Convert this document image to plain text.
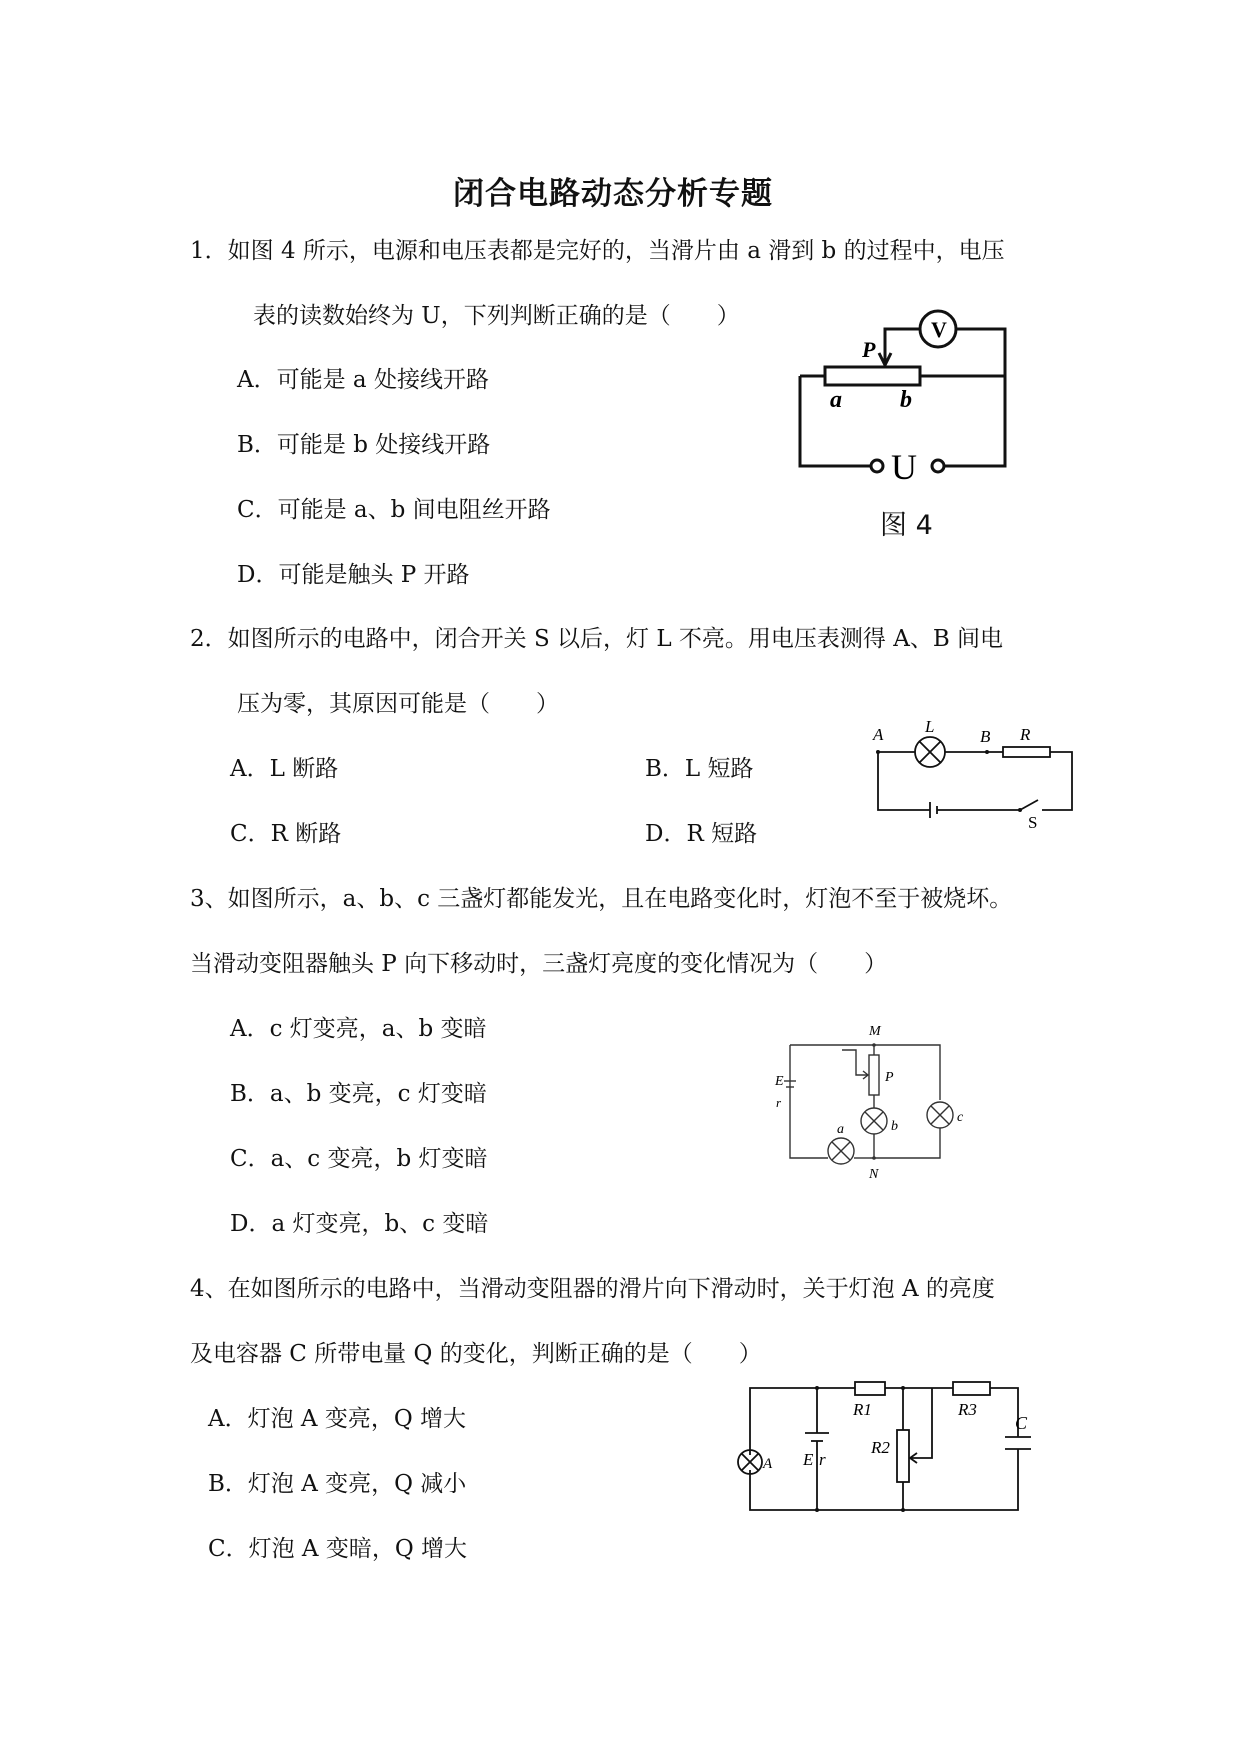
闭合电路动态分析专题
1．如图 4 所示，电源和电压表都是完好的，当滑片由 a 滑到 b 的过程中，电压
表的读数始终为 U，下列判断正确的是（　　）
A．可能是 a 处接线开路
B．可能是 b 处接线开路
C．可能是 a、b 间电阻丝开路
D．可能是触头 P 开路
V
P
a b
U
图 4
2．如图所示的电路中，闭合开关 S 以后，灯 L 不亮。用电压表测得 A、B 间电
压为零，其原因可能是（　　）
A．L 断路	B．L 短路
C．R 断路	D．R 短路
A L
B R
S
3、如图所示，a、b、c 三盏灯都能发光，且在电路变化时，灯泡不至于被烧坏。
当滑动变阻器触头 P 向下移动时，三盏灯亮度的变化情况为（　　）
A．c 灯变亮，a、b 变暗
B．a、b 变亮，c 灯变暗
C．a、c 变亮，b 灯变暗
D．a 灯变亮，b、c 变暗
M
E
r
P
c
a	b
N
4、在如图所示的电路中，当滑动变阻器的滑片向下滑动时，关于灯泡 A 的亮度
及电容器 C 所带电量 Q 的变化，判断正确的是（　　）
A．灯泡 A 变亮，Q 增大
B．灯泡 A 变亮，Q 减小
C．灯泡 A 变暗，Q 增大
R1	R3
R2
C
A E r
